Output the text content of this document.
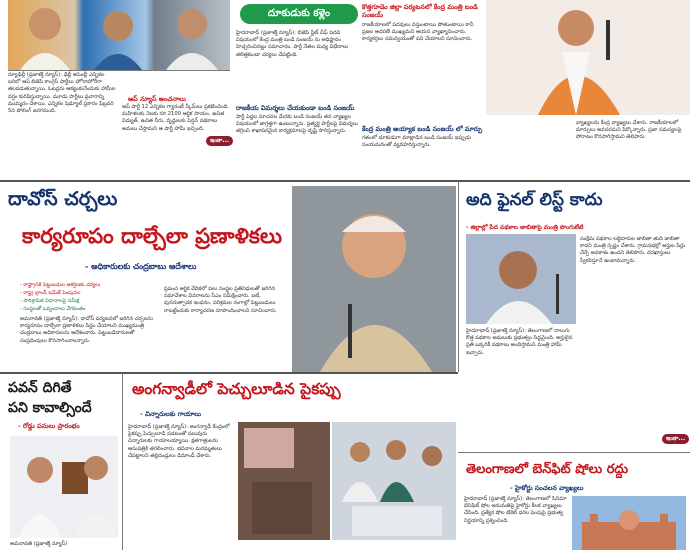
న్యూఢిల్లీ (ప్రజాశక్తి న్యూస్): ఢిల్లీ అసెంబ్లీ ఎన్నికల బరిలో ఆప్ బిజెపి కాంగ్రెస్ పార్టీలు హోరాహోరీగా తలపడుతున్నాయి. ఓటర్లను ఆకట్టుకునేందుకు హామీల వర్షం కురిపిస్తున్నాయి. మూడు పార్టీలు ప్రచారాన్ని ముమ్మరం చేశాయి. ఎన్నికల షెడ్యూల్ ప్రకారం ఫిబ్రవరి 5న పోలింగ్ జరగనుంది.
ఆప్ న్యూస్ అంచనాలు
ఆప్ పార్టీ 12 ఎన్నికల గ్యారంటీ స్కీమ్‌లు ప్రకటించింది. మహిళలకు నెలకు రూ.2100 ఆర్థిక సాయం, ఉచిత విద్యుత్, ఉచిత నీరు, వృద్ధులకు పెన్షన్ పథకాలు అమలు చేస్తామని ఆ పార్టీ హామీ ఇచ్చింది.
ఇంకా...
దూకుడుకు కళ్లెం
హైదరాబాద్ (ప్రజాశక్తి న్యూస్): బిజెపి స్టేట్ చీఫ్ పదవి విషయంలో కేంద్ర మంత్రి బండి సంజయ్ ను అధిష్టానం హెచ్చరించినట్టు సమాచారం. పార్టీ నేతల మధ్య విభేదాలు తలెత్తకుండా చర్యలు చేపట్టింది.
రాజకీయ విమర్శలు చేయకుండా బండి సంజయ్
పార్టీ పెద్దల సూచనల మేరకు బండి సంజయ్ తన వ్యాఖ్యల విషయంలో జాగ్రత్తగా ఉంటున్నారు. ప్రత్యర్థి పార్టీలపై విమర్శలు తగ్గించి శాఖాపరమైన కార్యక్రమాలపై దృష్టి సారిస్తున్నారు.
కొత్తగూడెం జిల్లా పర్యటనలో కేంద్ర మంత్రి బండి సంజయ్
రాజకీయాలలో పదవులు వస్తుంటాయి పోతుంటాయి కానీ ప్రజల ఆదరణే ముఖ్యమని ఆయన వ్యాఖ్యానించారు. కార్యకర్తలు సమన్వయంతో పని చేయాలని సూచించారు.
కేంద్ర మంత్రి అయ్యాక బండి సంజయ్ లో మార్పు
గతంలో దూకుడుగా మాట్లాడిన బండి సంజయ్ ఇప్పుడు సంయమనంతో వ్యవహరిస్తున్నారు.
వ్యాఖ్యలను కేంద్ర వ్యాఖ్యలు చేశారు. రాజకీయాలలో మార్పులు అవసరమని పేర్కొన్నారు. ప్రజా సమస్యలపై పోరాటం కొనసాగిస్తామని తెలిపారు.
దావోస్ చర్చలు
కార్యరూపం దాల్చేలా ప్రణాళికలు
- అధికారులకు చంద్రబాబు ఆదేశాలు
- రాష్ట్రానికి పెట్టుబడుల ఆకర్షణకు చర్యలు
- రాష్ట్ర బ్రాండ్ ఇమేజ్ పెంపుదల
- పారిశ్రామిక విధానాలపై సమీక్ష
- సంస్థలతో ఒప్పందాలు వేగవంతం
అమరావతి (ప్రజాశక్తి న్యూస్): దావోస్ పర్యటనలో జరిగిన చర్చలను కార్యరూపం దాల్చేలా ప్రణాళికలు సిద్ధం చేయాలని ముఖ్యమంత్రి చంద్రబాబు అధికారులను ఆదేశించారు. పెట్టుబడిదారులతో సంప్రదింపులు కొనసాగించాలన్నారు.
ప్రపంచ ఆర్థిక వేదికలో పలు సంస్థల ప్రతినిధులతో జరిగిన సమావేశాల వివరాలను సీఎం సమీక్షించారు. ఐటీ, పునరుత్పాదక ఇంధనం, పరిశ్రమల రంగాల్లో పెట్టుబడులు రాబట్టేందుకు కార్యాచరణ రూపొందించాలని సూచించారు.
అది ఫైనల్ లిస్ట్ కాదు
- జిల్లాల్లో పేద పథకాల జాబితాపై మంత్రి పొంగులేటి
సంక్షేమ పథకాల లబ్ధిదారుల జాబితా తుది జాబితా కాదని మంత్రి స్పష్టం చేశారు. గ్రామసభల్లో అర్హుల పేర్లు చేర్చే అవకాశం ఉందని తెలిపారు. దరఖాస్తులు స్వీకరిస్తూనే ఉంటామన్నారు.
హైదరాబాద్ (ప్రజాశక్తి న్యూస్): తెలంగాణలో నాలుగు కొత్త పథకాల అమలుకు ప్రభుత్వం సిద్ధమైంది. అర్హులైన ప్రతి ఒక్కరికీ పథకాలు అందిస్తామని మంత్రి హామీ ఇచ్చారు.
ఇంకా...
పవన్ దిగితే
పని కావాల్సిందే
- రోడ్డు పనులు ప్రారంభం
అమరావతి (ప్రజాశక్తి న్యూస్)
అంగన్వాడీలో పెచ్చులూడిన పైకప్పు
- చిన్నారులకు గాయాలు
హైదరాబాద్ (ప్రజాశక్తి న్యూస్): అంగన్వాడీ కేంద్రంలో పైకప్పు పెచ్చులూడి పడటంతో పలువురు చిన్నారులకు గాయాలయ్యాయి. క్షతగాత్రులను ఆసుపత్రికి తరలించారు. భవనాల మరమ్మతులు చేపట్టాలని తల్లిదండ్రులు డిమాండ్ చేశారు.
తెలంగాణలో బెన్‌ఫిట్ షోలు రద్దు
- హైకోర్టు సంచలన వ్యాఖ్యలు
హైదరాబాద్ (ప్రజాశక్తి న్యూస్): తెలంగాణలో సినిమా బెనిఫిట్ షోల అనుమతిపై హైకోర్టు కీలక వ్యాఖ్యలు చేసింది. ప్రత్యేక షోల టికెట్ ధరల పెంపుపై ప్రభుత్వ నిర్ణయాన్ని ప్రశ్నించింది.
